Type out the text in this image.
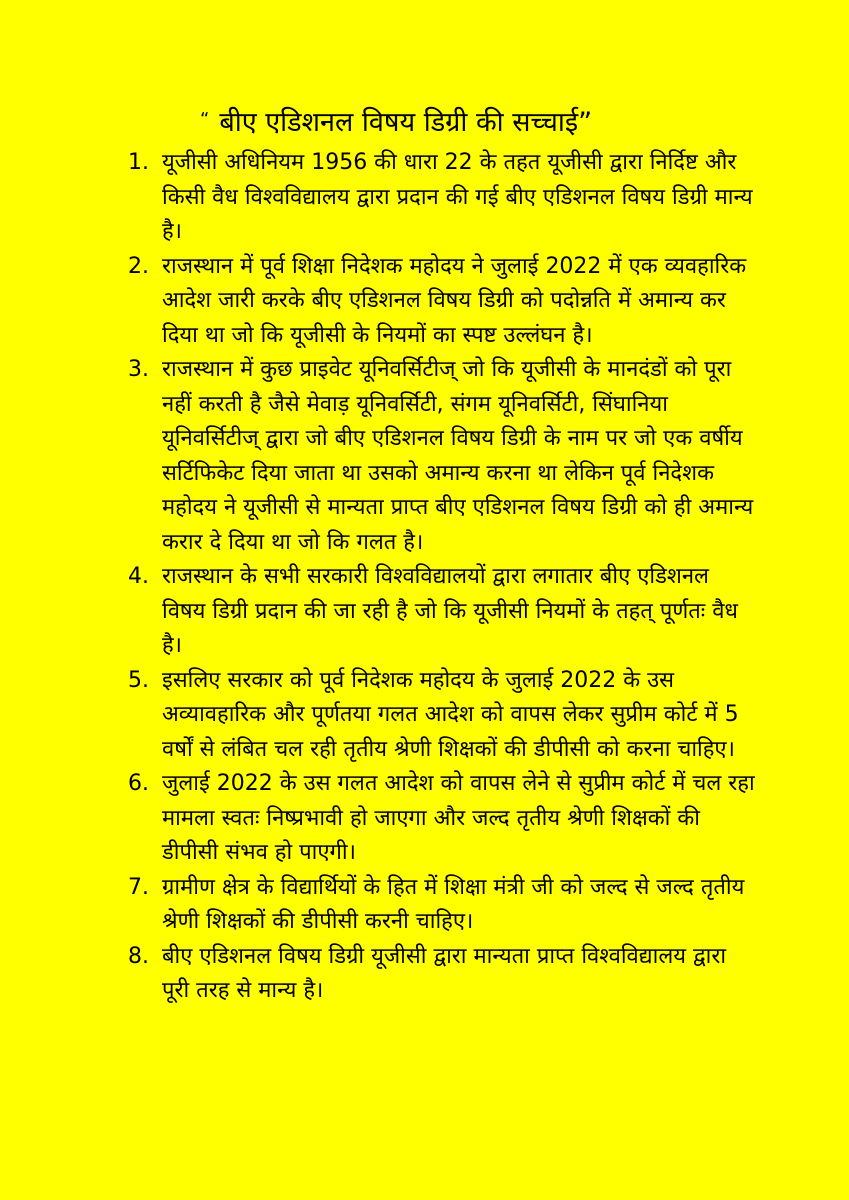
“ बीए एडिशनल विषय डिग्री की सच्चाई”
1. यूजीसी अधिनियम 1956 की धारा 22 के तहत यूजीसी द्वारा निर्दिष्ट और किसी वैध विश्वविद्यालय द्वारा प्रदान की गई बीए एडिशनल विषय डिग्री मान्य है।
2. राजस्थान में पूर्व शिक्षा निदेशक महोदय ने जुलाई 2022 में एक व्यवहारिक आदेश जारी करके बीए एडिशनल विषय डिग्री को पदोन्नति में अमान्य कर दिया था जो कि यूजीसी के नियमों का स्पष्ट उल्लंघन है।
3. राजस्थान में कुछ प्राइवेट यूनिवर्सिटीज् जो कि यूजीसी के मानदंडों को पूरा नहीं करती है जैसे मेवाड़ यूनिवर्सिटी, संगम यूनिवर्सिटी, सिंघानिया यूनिवर्सिटीज् द्वारा जो बीए एडिशनल विषय डिग्री के नाम पर जो एक वर्षीय सर्टिफिकेट दिया जाता था उसको अमान्य करना था लेकिन पूर्व निदेशक महोदय ने यूजीसी से मान्यता प्राप्त बीए एडिशनल विषय डिग्री को ही अमान्य करार दे दिया था जो कि गलत है।
4. राजस्थान के सभी सरकारी विश्वविद्यालयों द्वारा लगातार बीए एडिशनल विषय डिग्री प्रदान की जा रही है जो कि यूजीसी नियमों के तहत् पूर्णतः वैध है।
5. इसलिए सरकार को पूर्व निदेशक महोदय के जुलाई 2022 के उस अव्यावहारिक और पूर्णतया गलत आदेश को वापस लेकर सुप्रीम कोर्ट में 5 वर्षों से लंबित चल रही तृतीय श्रेणी शिक्षकों की डीपीसी को करना चाहिए।
6. जुलाई 2022 के उस गलत आदेश को वापस लेने से सुप्रीम कोर्ट में चल रहा मामला स्वतः निष्प्रभावी हो जाएगा और जल्द तृतीय श्रेणी शिक्षकों की डीपीसी संभव हो पाएगी।
7. ग्रामीण क्षेत्र के विद्यार्थियों के हित में शिक्षा मंत्री जी को जल्द से जल्द तृतीय श्रेणी शिक्षकों की डीपीसी करनी चाहिए।
8. बीए एडिशनल विषय डिग्री यूजीसी द्वारा मान्यता प्राप्त विश्वविद्यालय द्वारा पूरी तरह से मान्य है।
